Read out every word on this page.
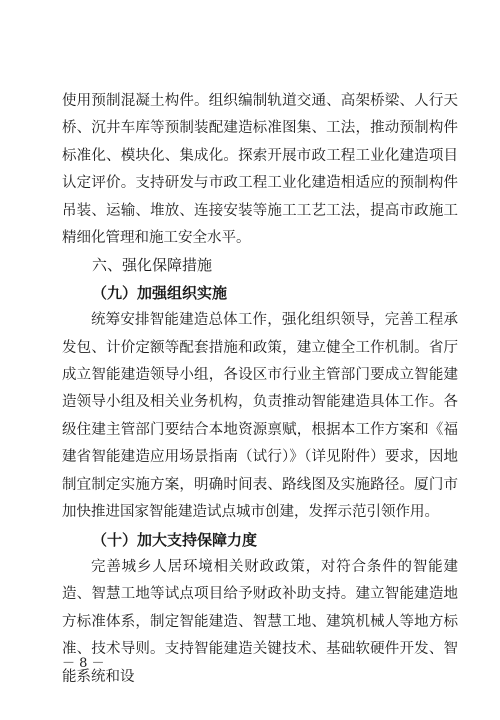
使用预制混凝土构件。组织编制轨道交通、高架桥梁、人行天桥、沉井车库等预制装配建造标准图集、工法，推动预制构件标准化、模块化、集成化。探索开展市政工程工业化建造项目认定评价。支持研发与市政工程工业化建造相适应的预制构件吊装、运输、堆放、连接安装等施工工艺工法，提高市政施工精细化管理和施工安全水平。

六、强化保障措施

（九）加强组织实施

统筹安排智能建造总体工作，强化组织领导，完善工程承发包、计价定额等配套措施和政策，建立健全工作机制。省厅成立智能建造领导小组，各设区市行业主管部门要成立智能建造领导小组及相关业务机构，负责推动智能建造具体工作。各级住建主管部门要结合本地资源禀赋，根据本工作方案和《福建省智能建造应用场景指南（试行）》（详见附件）要求，因地制宜制定实施方案，明确时间表、路线图及实施路径。厦门市加快推进国家智能建造试点城市创建，发挥示范引领作用。

（十）加大支持保障力度

完善城乡人居环境相关财政政策，对符合条件的智能建造、智慧工地等试点项目给予财政补助支持。建立智能建造地方标准体系，制定智能建造、智慧工地、建筑机械人等地方标准、技术导则。支持智能建造关键技术、基础软硬件开发、智能系统和设

－ 8 －
